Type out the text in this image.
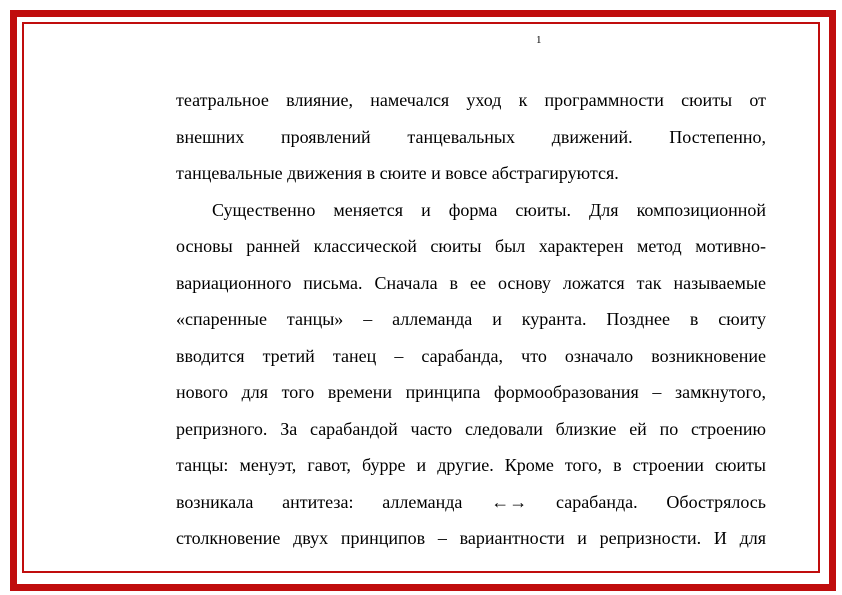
1
театральное влияние, намечался уход к программности сюиты от
внешних проявлений танцевальных движений. Постепенно,
танцевальные движения в сюите и вовсе абстрагируются.
Существенно меняется и форма сюиты. Для композиционной
основы ранней классической сюиты был характерен метод мотивно-
вариационного письма. Сначала в ее основу ложатся так называемые
«спаренные танцы» – аллеманда и куранта. Позднее в сюиту
вводится третий танец – сарабанда, что означало возникновение
нового для того времени принципа формообразования – замкнутого,
репризного. За сарабандой часто следовали близкие ей по строению
танцы: менуэт, гавот, бурре и другие. Кроме того, в строении сюиты
возникала антитеза: аллеманда ←→ сарабанда. Обострялось
столкновение двух принципов – вариантности и репризности. И для
